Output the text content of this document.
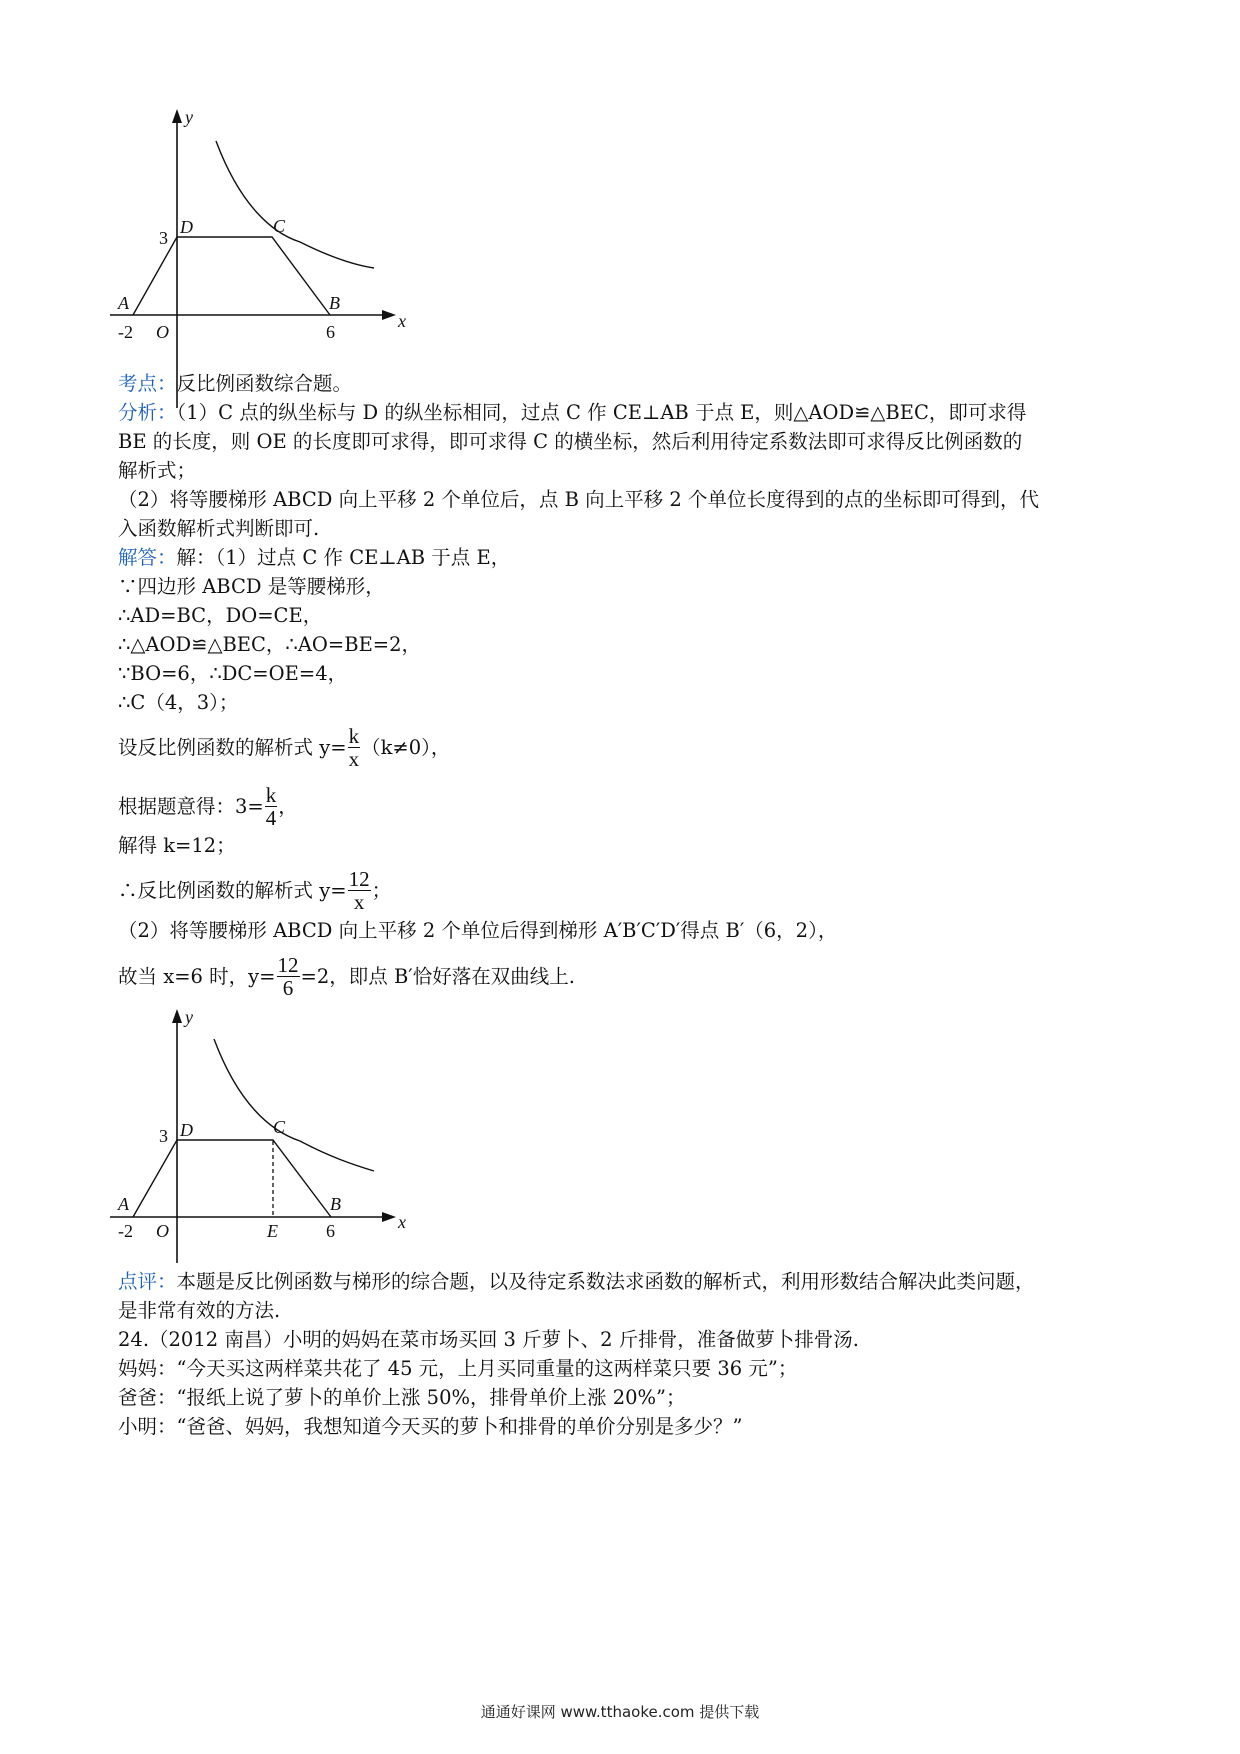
y
x
3
D	C
A	B
-2 O	6
考点：反比例函数综合题。
分析：（1）C 点的纵坐标与 D 的纵坐标相同，过点 C 作 CE⊥AB 于点 E，则△AOD≌△BEC，即可求得
BE 的长度，则 OE 的长度即可求得，即可求得 C 的横坐标，然后利用待定系数法即可求得反比例函数的
解析式；
（2）将等腰梯形 ABCD 向上平移 2 个单位后，点 B 向上平移 2 个单位长度得到的点的坐标即可得到，代
入函数解析式判断即可.
解答：解：（1）过点 C 作 CE⊥AB 于点 E，
∵四边形 ABCD 是等腰梯形，
∴AD=BC，DO=CE，
∴△AOD≌△BEC，∴AO=BE=2，
∵BO=6，∴DC=OE=4，
∴C（4，3）；
设反比例函数的解析式 $y= \frac{k}{x} (k\ne 0)$，
根据题意得：$3= \frac{k}{4}$ ，
解得 k=12；
∴反比例函数的解析式 $y= \frac{12}{x}$ ；
（2）将等腰梯形 ABCD 向上平移 2 个单位后得到梯形 A′B′C′D′得点 B′（6，2），
故当 x=6 时，$y= \frac{12}{6} =2$，即点 B′恰好落在双曲线上.
y
x
3 D	C
A	B
-2 O	E	6
点评：本题是反比例函数与梯形的综合题，以及待定系数法求函数的解析式，利用形数结合解决此类问题，
是非常有效的方法.
24.（2012 南昌）小明的妈妈在菜市场买回 3 斤萝卜、2 斤排骨，准备做萝卜排骨汤.
妈妈：“今天买这两样菜共花了 45 元，上月买同重量的这两样菜只要 36 元”；
爸爸：“报纸上说了萝卜的单价上涨 50%，排骨单价上涨 20%”；
小明：“爸爸、妈妈，我想知道今天买的萝卜和排骨的单价分别是多少？”
通通好课网 www.tthaoke.com 提供下载
